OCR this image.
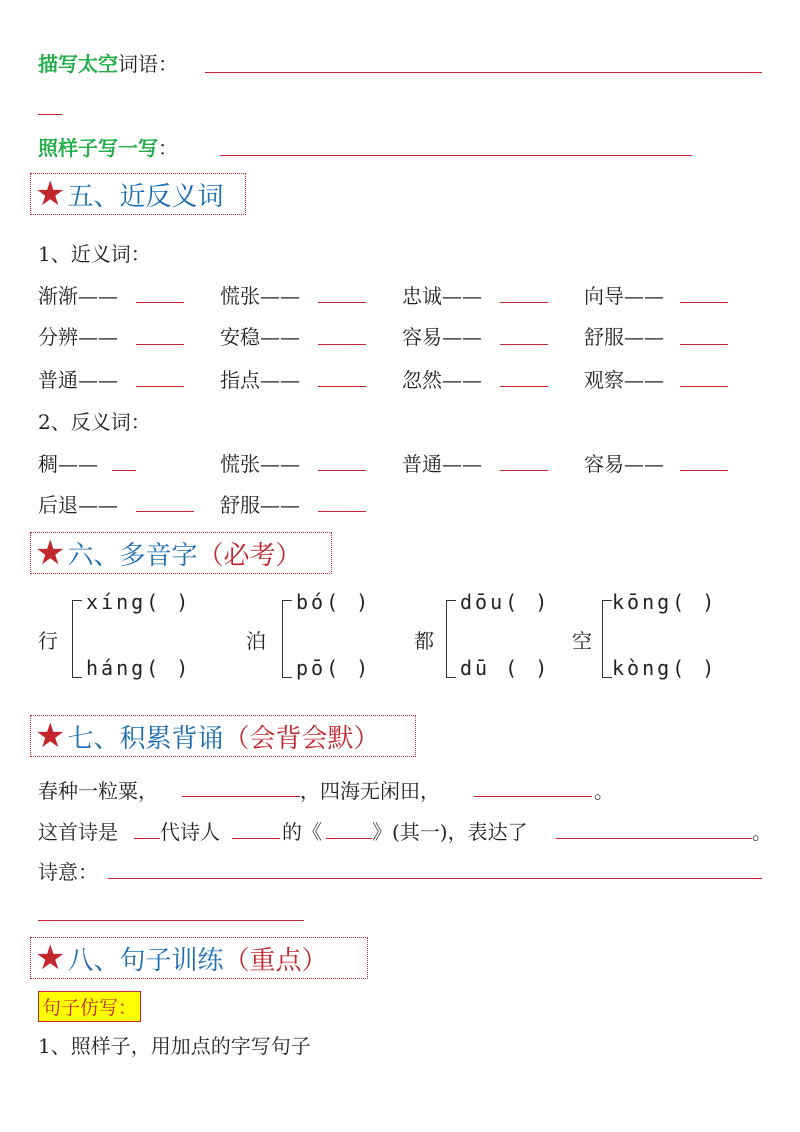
描写太空词语：
照样子写一写：
★ 五、近反义词
1、近义词：
渐渐——	慌张——	忠诚——	向导——
分辨——	安稳——	容易——	舒服——
普通——	指点——	忽然——	观察——
2、反义词：
稠——	慌张——	普通——	容易——
后退——	舒服——
★ 六、多音字 （必考）
行
xíng( )
háng( )
泊
bó( )
pō( )
都
dōu( )
dū ( )
空
kōng( )
kòng( )
★ 七、积累背诵 （会背会默）
春种一粒粟，	，四海无闲田，	。
这首诗是 代诗人	的《	》(其一)，表达了	。
诗意：
★ 八、句子训练 （重点）
句子仿写：
1、照样子，用加点的字写句子
